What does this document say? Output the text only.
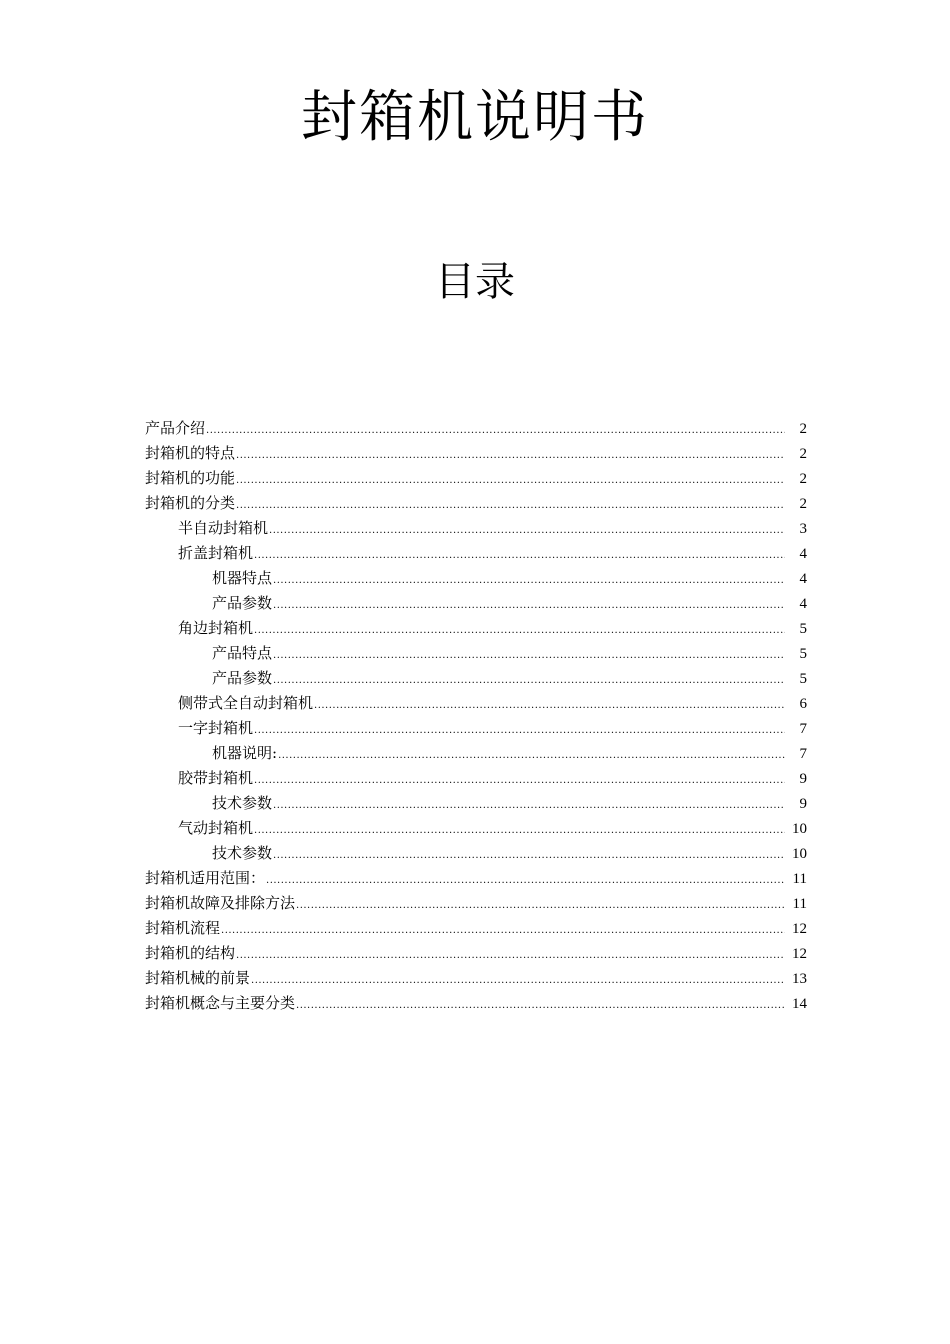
封箱机说明书
目录
产品介绍 .....	2
封箱机的特点 .....	2
封箱机的功能 .....	2
封箱机的分类 .....	2
半自动封箱机 .....	3
折盖封箱机 .....	4
机器特点 .....	4
产品参数 .....	4
角边封箱机 .....	5
产品特点 .....	5
产品参数 .....	5
侧带式全自动封箱机 .....	6
一字封箱机 .....	7
机器说明: .....	7
胶带封箱机 .....	9
技术参数 .....	9
气动封箱机 .....	10
技术参数 .....	10
封箱机适用范围： .....	11
封箱机故障及排除方法 .....	11
封箱机流程 .....	12
封箱机的结构 .....	12
封箱机械的前景 .....	13
封箱机概念与主要分类 .....	14
